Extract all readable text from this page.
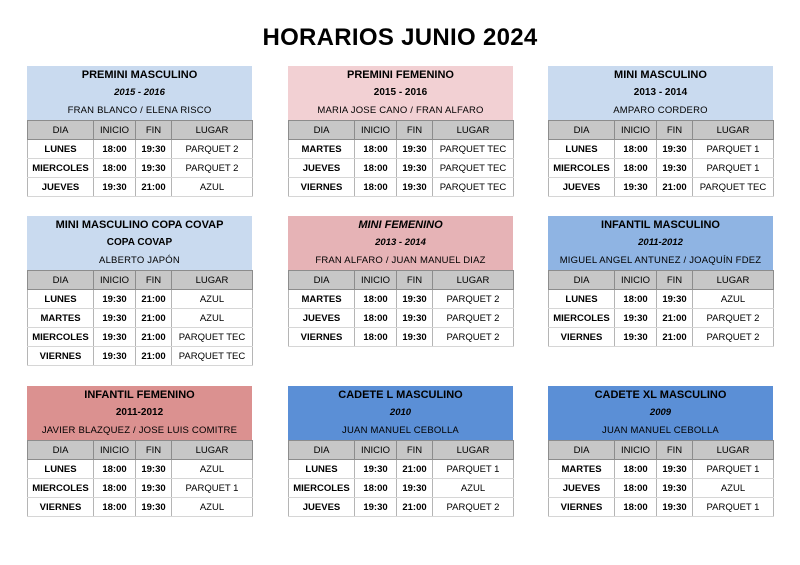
HORARIOS JUNIO 2024
PREMINI MASCULINO
2015 - 2016
FRAN BLANCO / ELENA RISCO
DIA	INICIO	FIN	LUGAR
LUNES	18:00	19:30	PARQUET 2
MIERCOLES	18:00	19:30	PARQUET 2
JUEVES	19:30	21:00	AZUL
PREMINI FEMENINO
2015 - 2016
MARIA JOSE CANO / FRAN ALFARO
DIA	INICIO	FIN	LUGAR
MARTES	18:00	19:30	PARQUET TEC
JUEVES	18:00	19:30	PARQUET TEC
VIERNES	18:00	19:30	PARQUET TEC
MINI MASCULINO
2013 - 2014
AMPARO CORDERO
DIA	INICIO	FIN	LUGAR
LUNES	18:00	19:30	PARQUET 1
MIERCOLES	18:00	19:30	PARQUET 1
JUEVES	19:30	21:00	PARQUET TEC
MINI MASCULINO COPA COVAP
COPA COVAP
ALBERTO JAPÓN
DIA	INICIO	FIN	LUGAR
LUNES	19:30	21:00	AZUL
MARTES	19:30	21:00	AZUL
MIERCOLES	19:30	21:00	PARQUET TEC
VIERNES	19:30	21:00	PARQUET TEC
MINI FEMENINO
2013 - 2014
FRAN ALFARO / JUAN MANUEL DIAZ
DIA	INICIO	FIN	LUGAR
MARTES	18:00	19:30	PARQUET 2
JUEVES	18:00	19:30	PARQUET 2
VIERNES	18:00	19:30	PARQUET 2
INFANTIL MASCULINO
2011-2012
MIGUEL ANGEL ANTUNEZ / JOAQUÍN FDEZ
DIA	INICIO	FIN	LUGAR
LUNES	18:00	19:30	AZUL
MIERCOLES	19:30	21:00	PARQUET 2
VIERNES	19:30	21:00	PARQUET 2
INFANTIL FEMENINO
2011-2012
JAVIER BLAZQUEZ / JOSE LUIS COMITRE
DIA	INICIO	FIN	LUGAR
LUNES	18:00	19:30	AZUL
MIERCOLES	18:00	19:30	PARQUET 1
VIERNES	18:00	19:30	AZUL
CADETE L MASCULINO
2010
JUAN MANUEL CEBOLLA
DIA	INICIO	FIN	LUGAR
LUNES	19:30	21:00	PARQUET 1
MIERCOLES	18:00	19:30	AZUL
JUEVES	19:30	21:00	PARQUET 2
CADETE XL MASCULINO
2009
JUAN MANUEL CEBOLLA
DIA	INICIO	FIN	LUGAR
MARTES	18:00	19:30	PARQUET 1
JUEVES	18:00	19:30	AZUL
VIERNES	18:00	19:30	PARQUET 1
